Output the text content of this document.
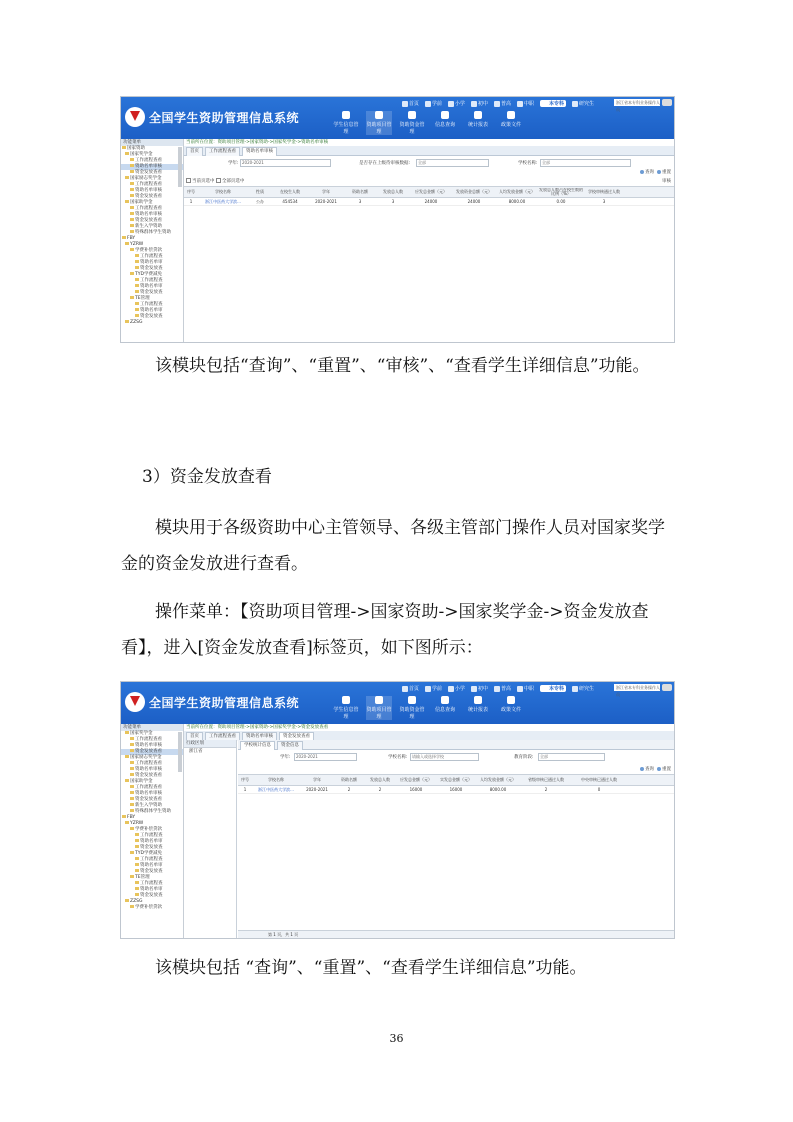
全国学生资助管理信息系统
首页	学前	小学	初中	普高	中职	本专科	研究生	浙江省本专科业务操作人员
学生信息管理
资助项目管理
资助资金管理
信息查询	统计报表	政策文件
功能菜单
国家资助
国家奖学金
工作流程查看
资助名单审核
资金发放查看
国家励志奖学金
工作流程查看
资助名单审核
资金发放查看
国家助学金
工作流程查看
资助名单审核
资金发放查看
新生入学资助
特殊群体学生资助
FBY
YZRW
学费补偿贷款
工作流程查
资助名单审
资金发放查
TYD学费减免
工作流程查
资助名单审
资金发放查
TE管理
工作流程查
资助名单审
资金发放查
ZZSG
当前所在位置：资助项目管理->国家资助->国家奖学金->资助名单审核
首页	工作流程查看	资助名单审核
学年: 2020-2021	是否存在上级待审核数据:	全部	学校名称:	全部
查询	重置
当前页选中 全部页选中	审核
序号	学校名称	性质	在校生人数	学年	资助名额	发放总人数	应发总金额（元）	发放资金总额（元）	人均发放金额（元）	发放总人数占在校生数的比例（%）	学校审核通过人数
1	浙江中医药大学滨...	公办	454534	2020-2021	3	3	24000	24000	8000.00	0.00	3

该模块包括“查询”、“重置”、“审核”、“查看学生详细信息”功能。

3）资金发放查看

模块用于各级资助中心主管领导、各级主管部门操作人员对国家奖学金的资金发放进行查看。

操作菜单：【资助项目管理->国家资助->国家奖学金->资金发放查看】，进入[资金发放查看]标签页，如下图所示：

全国学生资助管理信息系统
首页	学前	小学	初中	普高	中职	本专科	研究生	浙江省本专科业务操作人员
学生信息管理
资助项目管理
资助资金管理
信息查询	统计报表	政策文件
功能菜单
国家奖学金
工作流程查看
资助名单审核
资金发放查看
国家励志奖学金
工作流程查看
资助名单审核
资金发放查看
国家助学金
工作流程查看
资助名单审核
资金发放查看
新生入学资助
特殊群体学生资助
FBY
YZRW
学费补偿贷款
工作流程查
资助名单审
资金发放查
TYD学费减免
工作流程查
资助名单审
资金发放查
TE管理
工作流程查
资助名单审
资金发放查
ZZSG
学费补偿贷款
当前所在位置：资助项目管理->国家资助->国家奖学金->资金发放查看
首页	工作流程查看	资助名单审核	资金发放查看
行政区划
浙江省
学校统计信息	资金信息
学年:	2020-2021	学校名称:	请输入或选择学校	教育阶段:	全部
查询	重置
序号	学校名称	学年	资助名额	发放总人数	应发总金额（元）	实发总金额（元）	人均发放金额（元）	省级审核已通过人数	中央审核已通过人数
1	浙江中医药大学滨...	2020-2021	2	2	16000	16000	8000.00	2	0
第 1 页，共 1 页

该模块包括 “查询”、“重置”、“查看学生详细信息”功能。

36
